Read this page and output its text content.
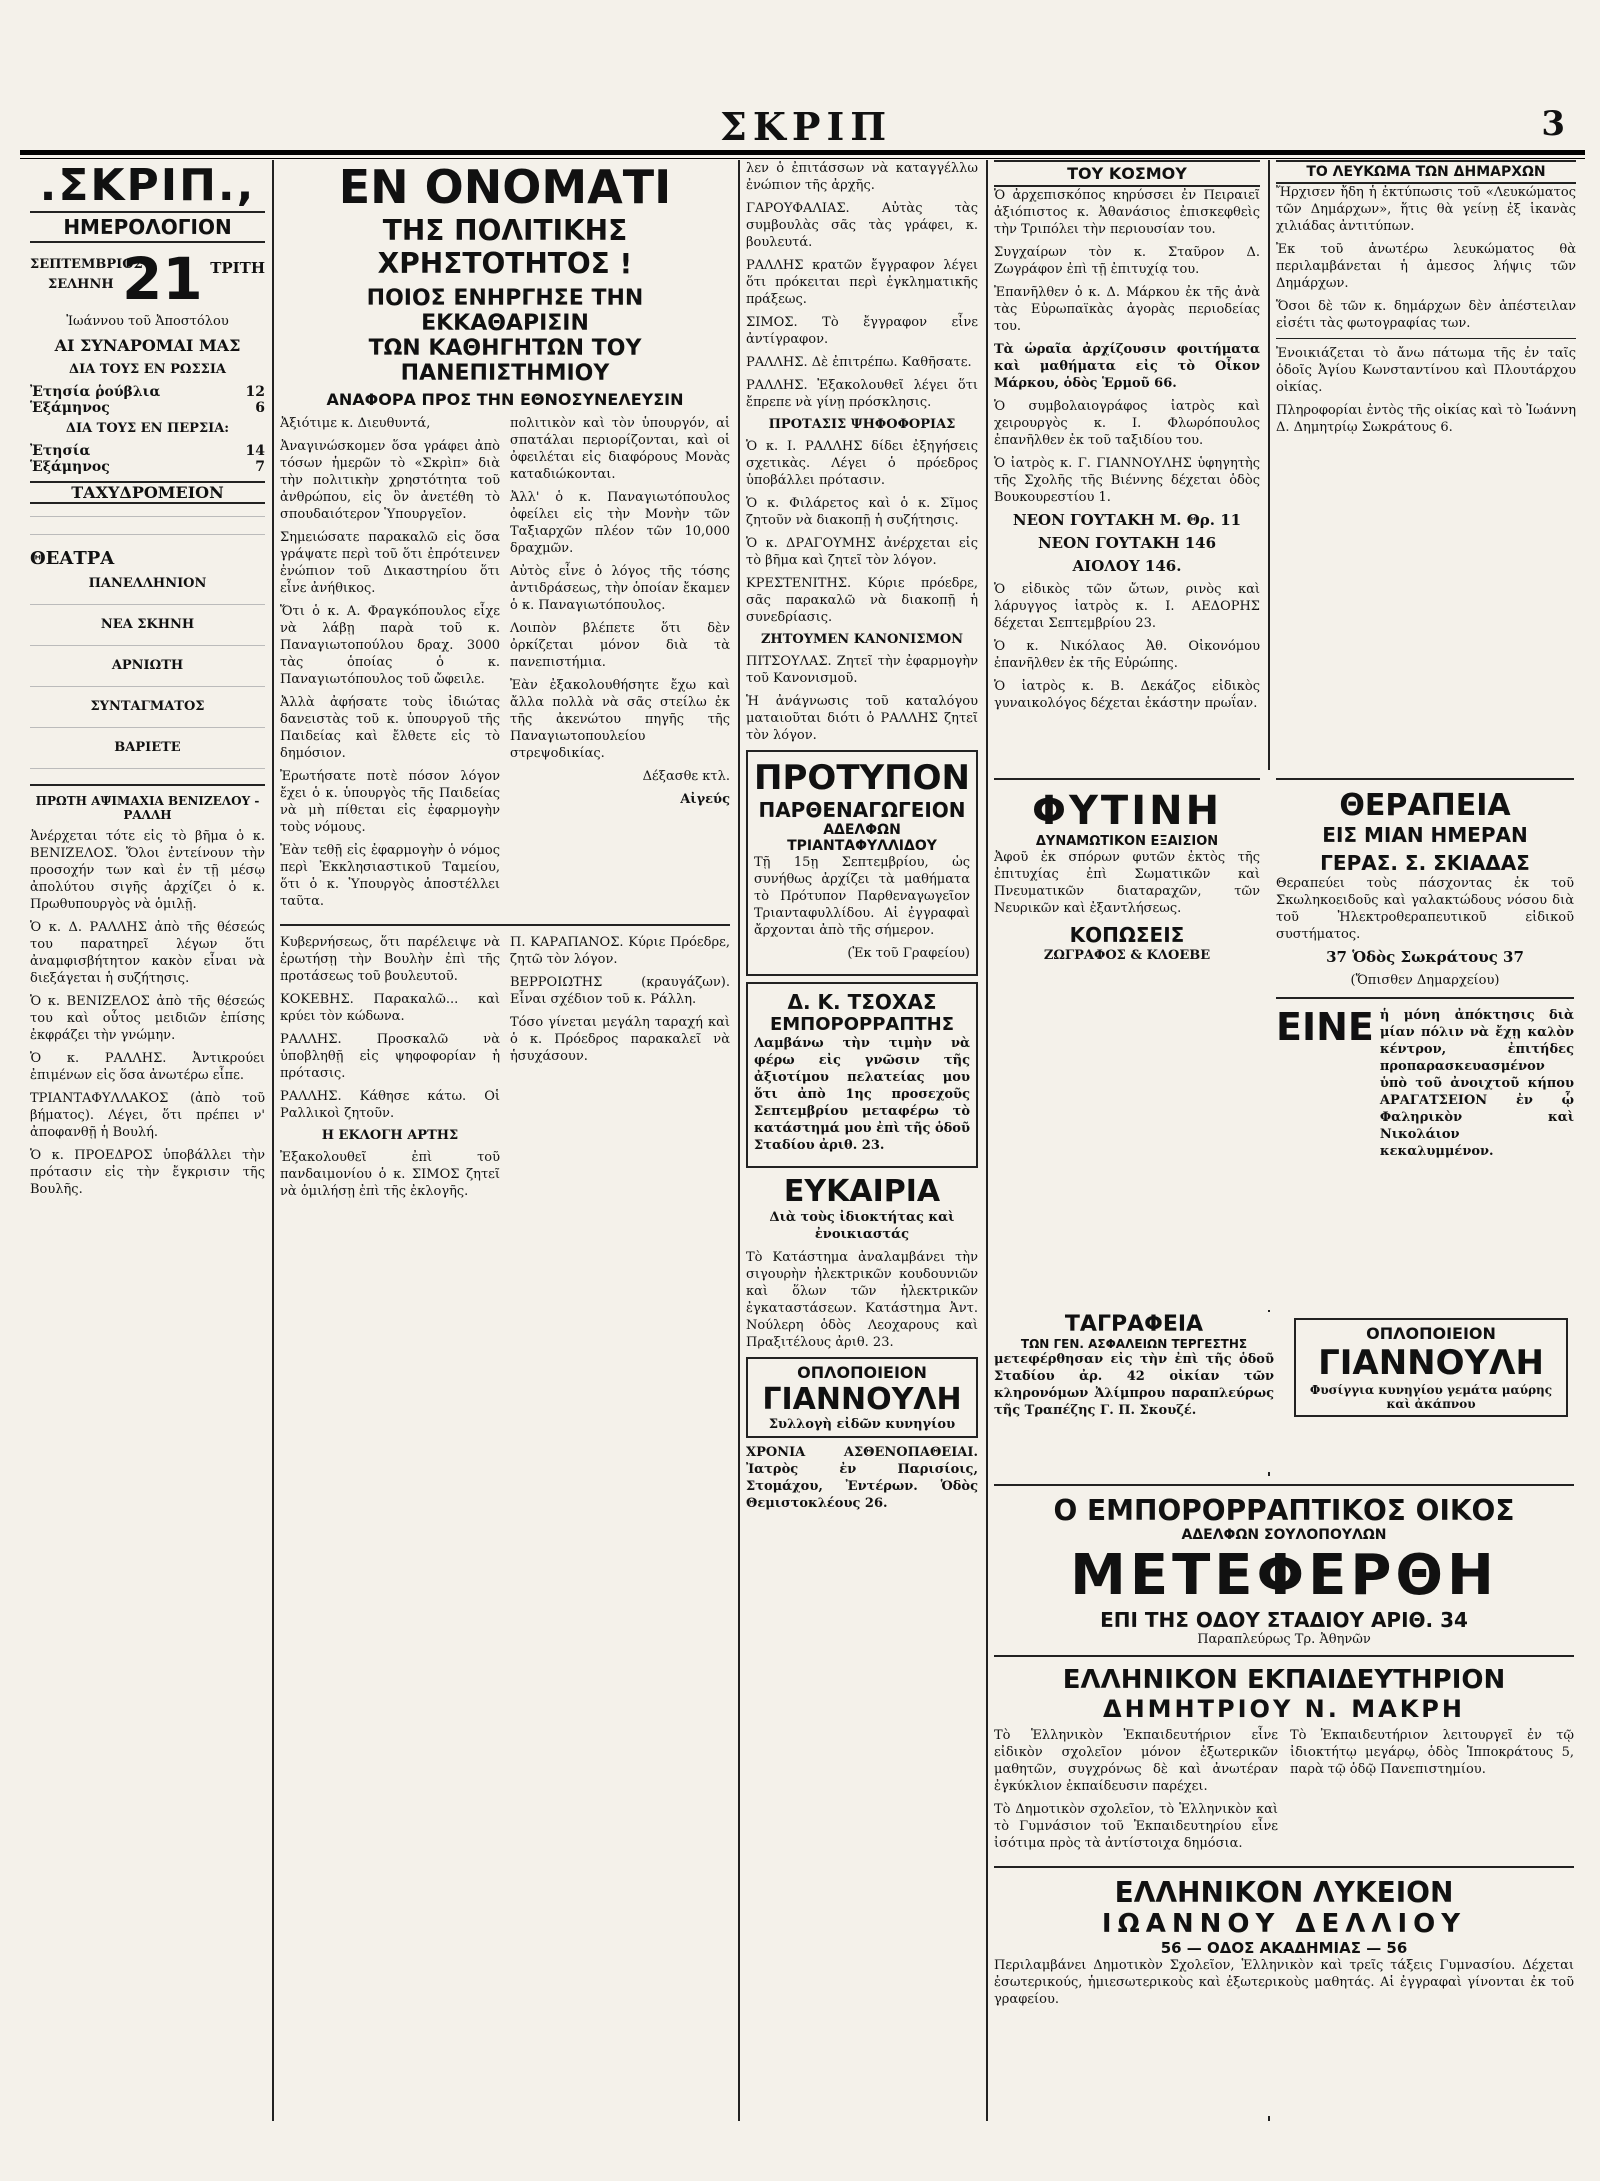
ΣΚΡΙΠ	3
.ΣΚΡΙΠ.,
ΗΜΕΡΟΛΟΓΙΟΝ
ΣΕΠΤΕΜΒΡΙΟΣ
ΣΕΛΗΝΗ 21 ΤΡΙΤΗ

Ἰωάννου τοῦ Ἀποστόλου

ΑΙ ΣΥΝΑΡΟΜΑΙ ΜΑΣ

ΔΙΑ ΤΟΥΣ ΕΝ ΡΩΣΣΙΑ

Ἐτησία ῥούβλια	12
Ἑξάμηνος	6

ΔΙΑ ΤΟΥΣ ΕΝ ΠΕΡΣΙΑ:

Ἐτησία	14
Ἑξάμηνος	7
ΤΑΧΥΔΡΟΜΕΙΟΝ
ΘΕΑΤΡΑ

ΠΑΝΕΛΛΗΝΙΟΝ

ΝΕΑ ΣΚΗΝΗ

ΑΡΝΙΩΤΗ

ΣΥΝΤΑΓΜΑΤΟΣ

ΒΑΡΙΕΤΕ

ΠΡΩΤΗ ΑΨΙΜΑΧΙΑ ΒΕΝΙΖΕΛΟΥ - ΡΑΛΛΗ

Ἀνέρχεται τότε εἰς τὸ βῆμα ὁ κ. ΒΕΝΙΖΕΛΟΣ. Ὅλοι ἐντείνουν τὴν προσοχήν των καὶ ἐν τῇ μέσῳ ἀπολύτου σιγῆς ἀρχίζει ὁ κ. Πρωθυπουργὸς νὰ ὁμιλῇ.

Ὁ κ. Δ. ΡΑΛΛΗΣ ἀπὸ τῆς θέσεώς του παρατηρεῖ λέγων ὅτι ἀναμφισβήτητον κακὸν εἶναι νὰ διεξάγεται ἡ συζήτησις.

Ὁ κ. ΒΕΝΙΖΕΛΟΣ ἀπὸ τῆς θέσεώς του καὶ οὗτος μειδιῶν ἐπίσης ἐκφράζει τὴν γνώμην.

Ὁ κ. ΡΑΛΛΗΣ. Ἀντικρούει ἐπιμένων εἰς ὅσα ἀνωτέρω εἶπε.

ΤΡΙΑΝΤΑΦΥΛΛΑΚΟΣ (ἀπὸ τοῦ βήματος). Λέγει, ὅτι πρέπει ν' ἀποφανθῇ ἡ Βουλή.

Ὁ κ. ΠΡΟΕΔΡΟΣ ὑποβάλλει τὴν πρότασιν εἰς τὴν ἔγκρισιν τῆς Βουλῆς.

ΕΝ ΟΝΟΜΑΤΙ
ΤΗΣ ΠΟΛΙΤΙΚΗΣ ΧΡΗΣΤΟΤΗΤΟΣ !
ΠΟΙΟΣ ΕΝΗΡΓΗΣΕ ΤΗΝ ΕΚΚΑΘΑΡΙΣΙΝ
ΤΩΝ ΚΑΘΗΓΗΤΩΝ ΤΟΥ ΠΑΝΕΠΙΣΤΗΜΙΟΥ
ΑΝΑΦΟΡΑ ΠΡΟΣ ΤΗΝ ΕΘΝΟΣΥΝΕΛΕΥΣΙΝ

Ἀξιότιμε κ. Διευθυντά,

Ἀναγινώσκομεν ὅσα γράφει ἀπὸ τόσων ἡμερῶν τὸ «Σκρὶπ» διὰ τὴν πολιτικὴν χρηστότητα τοῦ ἀνθρώπου, εἰς ὃν ἀνετέθη τὸ σπουδαιότερον Ὑπουργεῖον.

Σημειώσατε παρακαλῶ εἰς ὅσα γράψατε περὶ τοῦ ὅτι ἐπρότεινεν ἐνώπιον τοῦ Δικαστηρίου ὅτι εἶνε ἀνήθικος.

Ὅτι ὁ κ. Α. Φραγκόπουλος εἶχε νὰ λάβῃ παρὰ τοῦ κ. Παναγιωτοπούλου δραχ. 3000 τὰς ὁποίας ὁ κ. Παναγιωτόπουλος τοῦ ὤφειλε.

Ἀλλὰ ἀφήσατε τοὺς ἰδιώτας δανειστὰς τοῦ κ. ὑπουργοῦ τῆς Παιδείας καὶ ἔλθετε εἰς τὸ δημόσιον.

Ἐρωτήσατε ποτὲ πόσον λόγον ἔχει ὁ κ. ὑπουργὸς τῆς Παιδείας νὰ μὴ πίθεται εἰς ἐφαρμογὴν τοὺς νόμους.

Ἐὰν τεθῇ εἰς ἐφαρμογὴν ὁ νόμος περὶ Ἐκκλησιαστικοῦ Ταμείου, ὅτι ὁ κ. Ὑπουργὸς ἀποστέλλει ταῦτα.

πολιτικὸν καὶ τὸν ὑπουργόν, αἱ σπατάλαι περιορίζονται, καὶ οἱ ὀφειλέται εἰς διαφόρους Μονὰς καταδιώκονται.

Ἀλλ' ὁ κ. Παναγιωτόπουλος ὀφείλει εἰς τὴν Μονὴν τῶν Ταξιαρχῶν πλέον τῶν 10,000 δραχμῶν.

Αὐτὸς εἶνε ὁ λόγος τῆς τόσης ἀντιδράσεως, τὴν ὁποίαν ἔκαμεν ὁ κ. Παναγιωτόπουλος.

Λοιπὸν βλέπετε ὅτι δὲν ὀρκίζεται μόνον διὰ τὰ πανεπιστήμια.

Ἐὰν ἐξακολουθήσητε ἔχω καὶ ἄλλα πολλὰ νὰ σᾶς στείλω ἐκ τῆς ἀκενώτου πηγῆς τῆς Παναγιωτοπουλείου στρεψοδικίας.

Δέξασθε κτλ.

Αἰγεύς

Κυβερνήσεως, ὅτι παρέλειψε νὰ ἐρωτήσῃ τὴν Βουλὴν ἐπὶ τῆς προτάσεως τοῦ βουλευτοῦ.

ΚΟΚΕΒΗΣ. Παρακαλῶ... καὶ κρύει τὸν κώδωνα.

ΡΑΛΛΗΣ. Προσκαλῶ νὰ ὑποβληθῇ εἰς ψηφοφορίαν ἡ πρότασις.

ΡΑΛΛΗΣ. Κάθησε κάτω. Οἱ Ραλλικοὶ ζητοῦν.

Η ΕΚΛΟΓΗ ΑΡΤΗΣ

Ἐξακολουθεῖ ἐπὶ τοῦ πανδαιμονίου ὁ κ. ΣΙΜΟΣ ζητεῖ νὰ ὁμιλήσῃ ἐπὶ τῆς ἐκλογῆς.

Π. ΚΑΡΑΠΑΝΟΣ. Κύριε Πρόεδρε, ζητῶ τὸν λόγον.

ΒΕΡΡΟΙΩΤΗΣ (κραυγάζων). Εἶναι σχέδιον τοῦ κ. Ράλλη.

Τόσο γίνεται μεγάλη ταραχή καὶ ὁ κ. Πρόεδρος παρακαλεῖ νὰ ἡσυχάσουν.

λεν ὁ ἐπιτάσσων νὰ καταγγέλλω ἐνώπιον τῆς ἀρχῆς.

ΓΑΡΟΥΦΑΛΙΑΣ. Αὐτὰς τὰς συμβουλὰς σᾶς τὰς γράφει, κ. βουλευτά.

ΡΑΛΛΗΣ κρατῶν ἔγγραφον λέγει ὅτι πρόκειται περὶ ἐγκληματικῆς πράξεως.

ΣΙΜΟΣ. Τὸ ἔγγραφον εἶνε ἀντίγραφον.

ΡΑΛΛΗΣ. Δὲ ἐπιτρέπω. Καθῆσατε.

ΡΑΛΛΗΣ. Ἐξακολουθεῖ λέγει ὅτι ἔπρεπε νὰ γίνῃ πρόσκλησις.

ΠΡΟΤΑΣΙΣ ΨΗΦΟΦΟΡΙΑΣ

Ὁ κ. Ι. ΡΑΛΛΗΣ δίδει ἐξηγήσεις σχετικὰς. Λέγει ὁ πρόεδρος ὑποβάλλει πρότασιν.

Ὁ κ. Φιλάρετος καὶ ὁ κ. Σῖμος ζητοῦν νὰ διακοπῇ ἡ συζήτησις.

Ὁ κ. ΔΡΑΓΟΥΜΗΣ ἀνέρχεται εἰς τὸ βῆμα καὶ ζητεῖ τὸν λόγον.

ΚΡΕΣΤΕΝΙΤΗΣ. Κύριε πρόεδρε, σᾶς παρακαλῶ νὰ διακοπῇ ἡ συνεδρίασις.

ΖΗΤΟΥΜΕΝ ΚΑΝΟΝΙΣΜΟΝ

ΠΙΤΣΟΥΛΑΣ. Ζητεῖ τὴν ἐφαρμογὴν τοῦ Κανονισμοῦ.

Ἡ ἀνάγνωσις τοῦ καταλόγου ματαιοῦται διότι ὁ ΡΑΛΛΗΣ ζητεῖ τὸν λόγον.

ΠΡΟΤΥΠΟΝ
ΠΑΡΘΕΝΑΓΩΓΕΙΟΝ
ΑΔΕΛΦΩΝ ΤΡΙΑΝΤΑΦΥΛΛΙΔΟΥ

Τῇ 15ῃ Σεπτεμβρίου, ὡς συνήθως ἀρχίζει τὰ μαθήματα τὸ Πρότυπον Παρθεναγωγεῖον Τριανταφυλλίδου. Αἱ ἐγγραφαὶ ἄρχονται ἀπὸ τῆς σήμερον.

(Ἐκ τοῦ Γραφείου)

Δ. Κ. ΤΣΟΧΑΣ
ΕΜΠΟΡΟΡΡΑΠΤΗΣ

Λαμβάνω τὴν τιμὴν νὰ φέρω εἰς γνῶσιν τῆς ἀξιοτίμου πελατείας μου ὅτι ἀπὸ 1ης προσεχοῦς Σεπτεμβρίου μεταφέρω τὸ κατάστημά μου ἐπὶ τῆς ὁδοῦ Σταδίου ἀριθ. 23.

ΕΥΚΑΙΡΙΑ

Διὰ τοὺς ἰδιοκτήτας καὶ ἐνοικιαστάς

Τὸ Κατάστημα ἀναλαμβάνει τὴν σιγουρὴν ἠλεκτρικῶν κουδουνιῶν καὶ ὅλων τῶν ἠλεκτρικῶν ἐγκαταστάσεων. Κατάστημα Ἀντ. Νούλερη ὁδὸς Λεοχαρους καὶ Πραξιτέλους ἀριθ. 23.

ΟΠΛΟΠΟΙΕΙΟΝ
ΓΙΑΝΝΟΥΛΗ
Συλλογὴ εἰδῶν κυνηγίου

ΧΡΟΝΙΑ ΑΣΘΕΝΟΠΑΘΕΙΑΙ. Ἰατρὸς ἐν Παρισίοις, Στομάχου, Ἐντέρων. Ὁδὸς Θεμιστοκλέους 26.

ΤΟΥ ΚΟΣΜΟΥ

Ὁ ἀρχεπισκόπος κηρύσσει ἐν Πειραιεῖ ἀξιόπιστος κ. Ἀθανάσιος ἐπισκεφθεὶς τὴν Τριπόλει τὴν περιουσίαν του.

Συγχαίρων τὸν κ. Σταῦρον Δ. Ζωγράφον ἐπὶ τῇ ἐπιτυχίᾳ του.

Ἐπανῆλθεν ὁ κ. Δ. Μάρκου ἐκ τῆς ἀνὰ τὰς Εὐρωπαϊκὰς ἀγορὰς περιοδείας του.

Τὰ ὡραῖα ἀρχίζουσιν φοιτήματα καὶ μαθήματα εἰς τὸ Οἶκον Μάρκου, ὁδὸς Ἑρμοῦ 66.

Ὁ συμβολαιογράφος ἰατρὸς καὶ χειρουργὸς κ. Ι. Φλωρόπουλος ἐπανῆλθεν ἐκ τοῦ ταξιδίου του.

Ὁ ἰατρὸς κ. Γ. ΓΙΑΝΝΟΥΛΗΣ ὑφηγητὴς τῆς Σχολῆς τῆς Βιέννης δέχεται ὁδὸς Βουκουρεστίου 1.

ΝΕΟΝ ΓΟΥΤΑΚΗ Μ. Θρ. 11

ΝΕΟΝ ΓΟΥΤΑΚΗ 146

ΑΙΟΛΟΥ 146.

Ὁ εἰδικὸς τῶν ὤτων, ρινὸς καὶ λάρυγγος ἰατρὸς κ. Ι. ΑΕΔΟΡΗΣ δέχεται Σεπτεμβρίου 23.

Ὁ κ. Νικόλαος Ἀθ. Οἰκονόμου ἐπανῆλθεν ἐκ τῆς Εὐρώπης.

Ὁ ἰατρὸς κ. Β. Δεκάζος εἰδικὸς γυναικολόγος δέχεται ἑκάστην πρωΐαν.

ΤΟ ΛΕΥΚΩΜΑ ΤΩΝ ΔΗΜΑΡΧΩΝ

Ἤρχισεν ἤδη ἡ ἐκτύπωσις τοῦ «Λευκώματος τῶν Δημάρχων», ἥτις θὰ γείνῃ ἐξ ἱκανὰς χιλιάδας ἀντιτύπων.

Ἐκ τοῦ ἀνωτέρω λευκώματος θὰ περιλαμβάνεται ἡ ἀμεσος λήψις τῶν Δημάρχων.

Ὅσοι δὲ τῶν κ. δημάρχων δὲν ἀπέστειλαν εἰσέτι τὰς φωτογραφίας των.

Ἐνοικιάζεται τὸ ἄνω πάτωμα τῆς ἐν ταῖς ὁδοῖς Ἀγίου Κωνσταντίνου καὶ Πλουτάρχου οἰκίας.

Πληροφορίαι ἐντὸς τῆς οἰκίας καὶ τὸ Ἰωάννη Δ. Δημητρίῳ Σωκράτους 6.

ΦΥΤΙΝΗ
ΔΥΝΑΜΩΤΙΚΟΝ ΕΞΑΙΣΙΟΝ

Ἀφοῦ ἐκ σπόρων φυτῶν ἐκτὸς τῆς ἐπιτυχίας ἐπὶ Σωματικῶν καὶ Πνευματικῶν διαταραχῶν, τῶν Νευρικῶν καὶ ἐξαντλήσεως.

ΚΟΠΩΣΕΙΣ

ΖΩΓΡΑΦΟΣ & ΚΛΟΕΒΕ

ΘΕΡΑΠΕΙΑ
ΕΙΣ ΜΙΑΝ ΗΜΕΡΑΝ
ΓΕΡΑΣ. Σ. ΣΚΙΑΔΑΣ

Θεραπεύει τοὺς πάσχοντας ἐκ τοῦ Σκωληκοειδοῦς καὶ γαλακτώδους νόσου διὰ τοῦ Ἠλεκτροθεραπευτικοῦ εἰδικοῦ συστήματος.

37 Ὁδὸς Σωκράτους 37

(Ὄπισθεν Δημαρχείου)

ΕΙΝΕ ἡ μόνη ἀπόκτησις διὰ μίαν πόλιν νὰ ἔχῃ καλὸν κέντρον, ἐπιτήδες προπαρασκευασμένον ὑπὸ τοῦ ἀνοιχτοῦ κήπου ΑΡΑΓΑΤΣΕΙΟΝ ἐν ᾧ Φαληρικὸν καὶ Νικολάιον κεκαλυμμένον.

ΤΑΓΡΑΦΕΙΑ
ΤΩΝ ΓΕΝ. ΑΣΦΑΛΕΙΩΝ ΤΕΡΓΕΣΤΗΣ

μετεφέρθησαν εἰς τὴν ἐπὶ τῆς ὁδοῦ Σταδίου ἀρ. 42 οἰκίαν τῶν κληρονόμων Ἀλίμπρου παραπλεύρως τῆς Τραπέζης Γ. Π. Σκουζέ.

ΟΠΛΟΠΟΙΕΙΟΝ
ΓΙΑΝΝΟΥΛΗ
Φυσίγγια κυνηγίου γεμάτα μαύρης καὶ ἀκάπνου
Ο ΕΜΠΟΡΟΡΡΑΠΤΙΚΟΣ ΟΙΚΟΣ
ΑΔΕΛΦΩΝ ΣΟΥΛΟΠΟΥΛΩΝ
ΜΕΤΕΦΕΡΘΗ
ΕΠΙ ΤΗΣ ΟΔΟΥ ΣΤΑΔΙΟΥ ΑΡΙΘ. 34
Παραπλεύρως Τρ. Ἀθηνῶν
ΕΛΛΗΝΙΚΟΝ ΕΚΠΑΙΔΕΥΤΗΡΙΟΝ
ΔΗΜΗΤΡΙΟΥ Ν. ΜΑΚΡΗ

Τὸ Ἑλληνικὸν Ἐκπαιδευτήριον εἶνε εἰδικὸν σχολεῖον μόνον ἐξωτερικῶν μαθητῶν, συγχρόνως δὲ καὶ ἀνωτέραν ἐγκύκλιον ἐκπαίδευσιν παρέχει.

Τὸ Δημοτικὸν σχολεῖον, τὸ Ἑλληνικὸν καὶ τὸ Γυμνάσιον τοῦ Ἐκπαιδευτηρίου εἶνε ἰσότιμα πρὸς τὰ ἀντίστοιχα δημόσια.

Τὸ Ἐκπαιδευτήριον λειτουργεῖ ἐν τῷ ἰδιοκτήτῳ μεγάρῳ, ὁδὸς Ἱπποκράτους 5, παρὰ τῷ ὁδῷ Πανεπιστημίου.

ΕΛΛΗΝΙΚΟΝ ΛΥΚΕΙΟΝ
ΙΩΑΝΝΟΥ ΔΕΛΛΙΟΥ
56 — ΟΔΟΣ ΑΚΑΔΗΜΙΑΣ — 56

Περιλαμβάνει Δημοτικὸν Σχολεῖον, Ἑλληνικὸν καὶ τρεῖς τάξεις Γυμνασίου. Δέχεται ἐσωτερικούς, ἡμιεσωτερικοὺς καὶ ἐξωτερικοὺς μαθητάς. Αἱ ἐγγραφαὶ γίνονται ἐκ τοῦ γραφείου.
